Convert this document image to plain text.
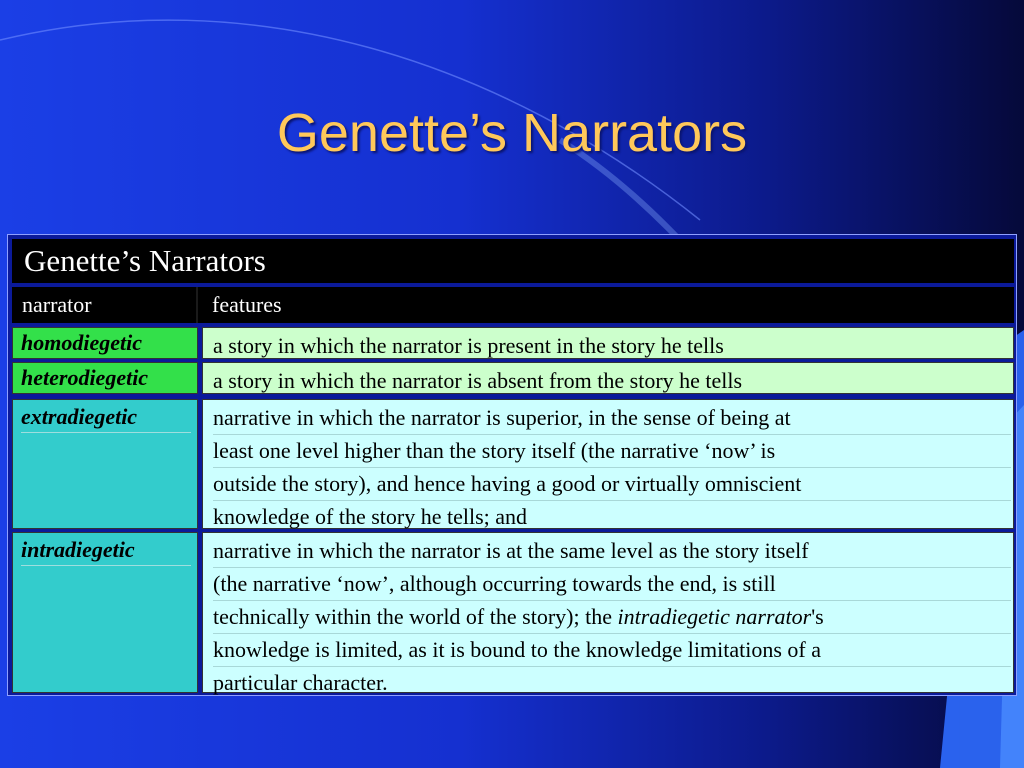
Genette’s Narrators
Genette’s Narrators
narrator	features
homodiegetic	a story in which the narrator is present in the story he tells
heterodiegetic	a story in which the narrator is absent from the story he tells
extradiegetic	narrative in which the narrator is superior, in the sense of being at
least one level higher than the story itself (the narrative ‘now’ is
outside the story), and hence having a good or virtually omniscient
knowledge of the story he tells; and
intradiegetic	narrative in which the narrator is at the same level as the story itself
(the narrative ‘now’, although occurring towards the end, is still
technically within the world of the story); the intradiegetic narrator's
knowledge is limited, as it is bound to the knowledge limitations of a
particular character.
